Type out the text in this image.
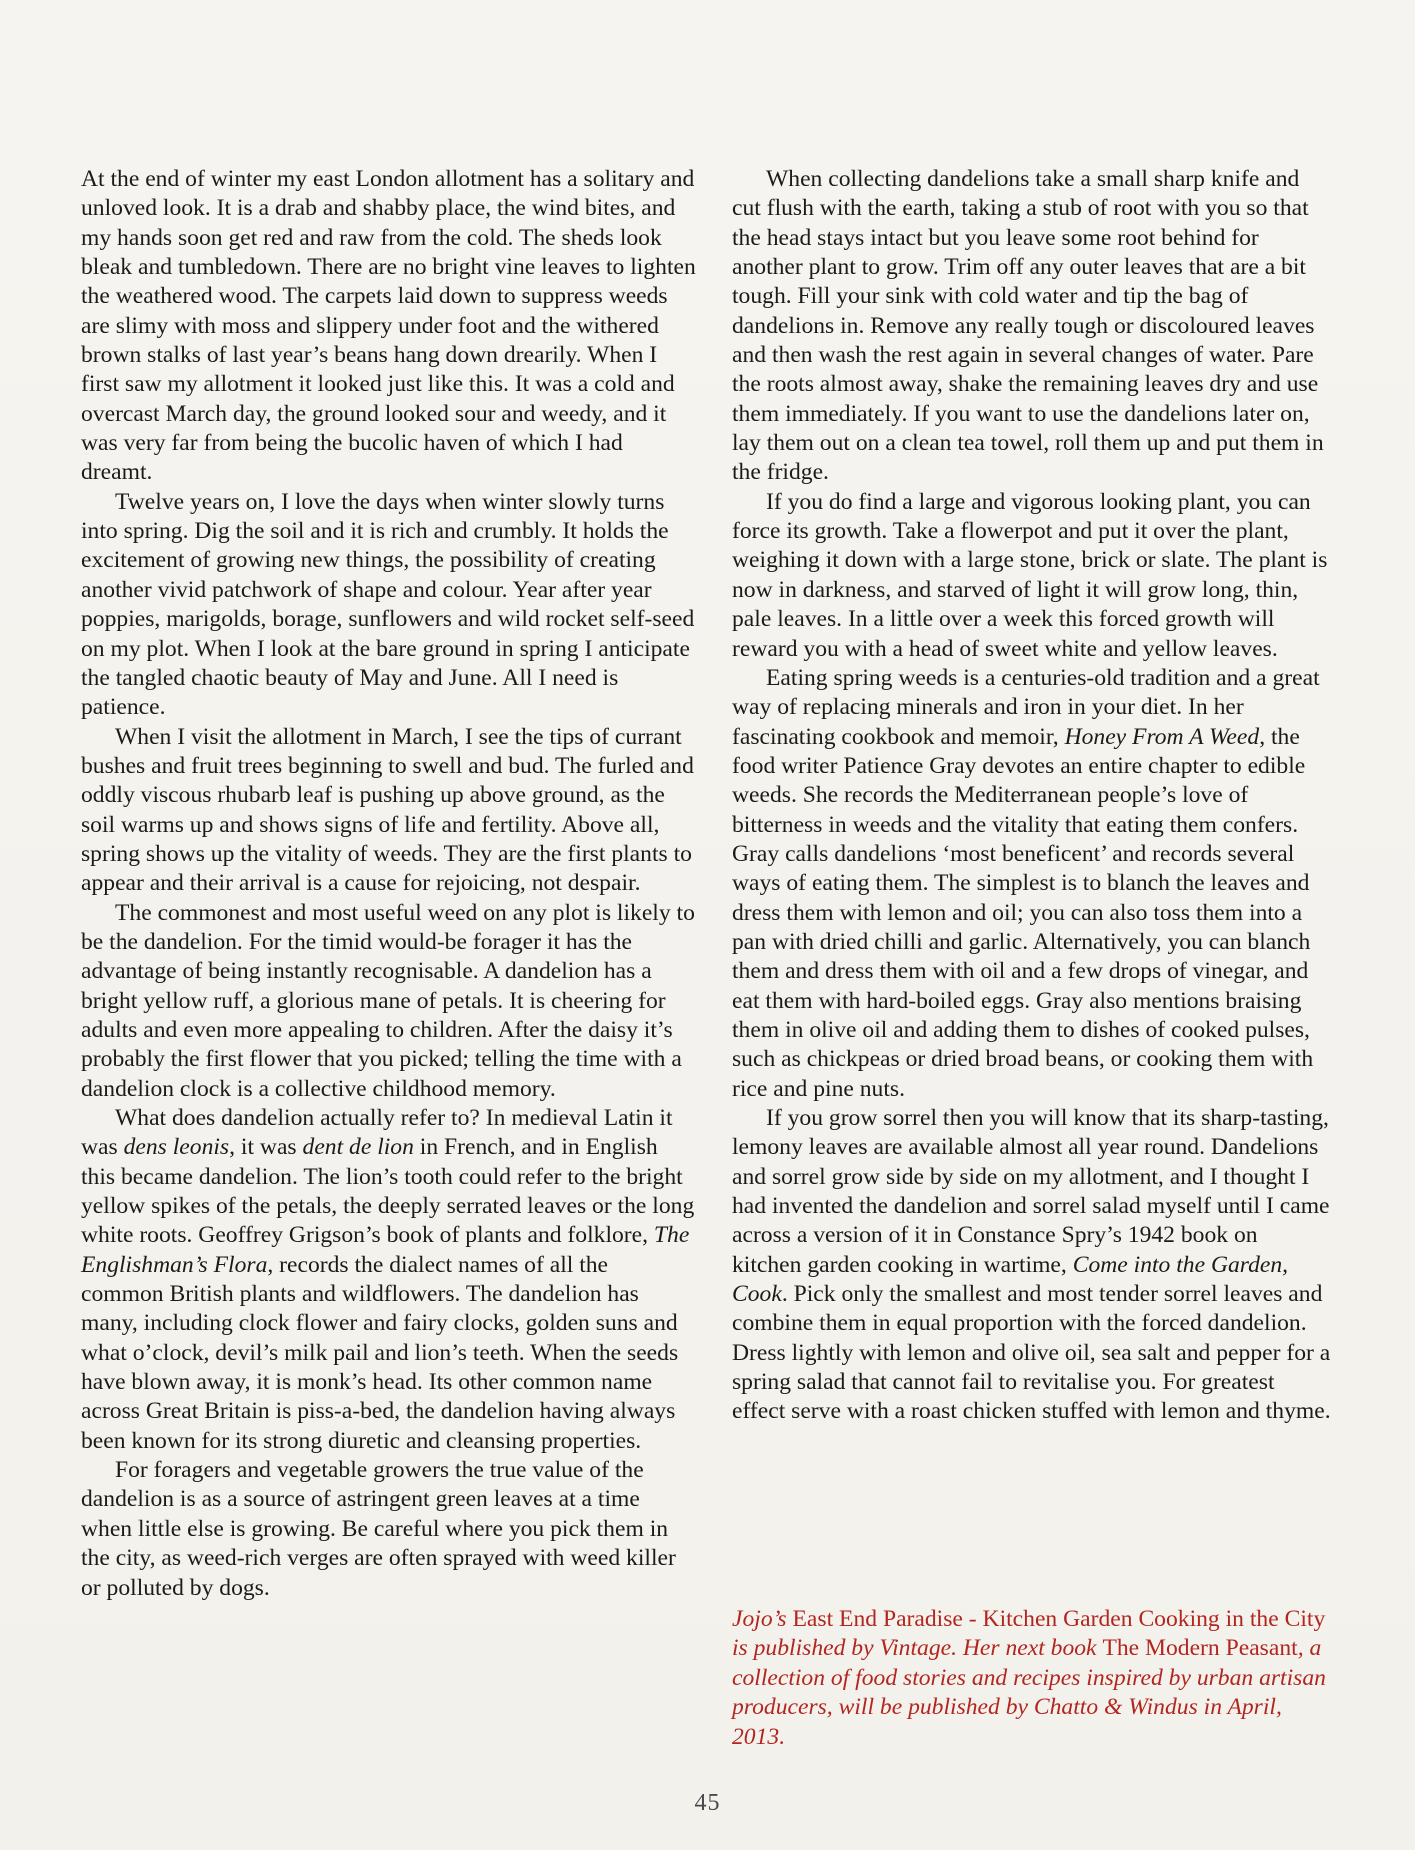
At the end of winter my east London allotment has a solitary and unloved look. It is a drab and shabby place, the wind bites, and my hands soon get red and raw from the cold. The sheds look bleak and tumbledown. There are no bright vine leaves to lighten the weathered wood. The carpets laid down to suppress weeds are slimy with moss and slippery under foot and the withered brown stalks of last year’s beans hang down drearily. When I first saw my allotment it looked just like this. It was a cold and overcast March day, the ground looked sour and weedy, and it was very far from being the bucolic haven of which I had dreamt.

Twelve years on, I love the days when winter slowly turns into spring. Dig the soil and it is rich and crumbly. It holds the excitement of growing new things, the possibility of creating another vivid patchwork of shape and colour. Year after year poppies, marigolds, borage, sunflowers and wild rocket self-seed on my plot. When I look at the bare ground in spring I anticipate the tangled chaotic beauty of May and June. All I need is patience.

When I visit the allotment in March, I see the tips of currant bushes and fruit trees beginning to swell and bud. The furled and oddly viscous rhubarb leaf is pushing up above ground, as the soil warms up and shows signs of life and fertility. Above all, spring shows up the vitality of weeds. They are the first plants to appear and their arrival is a cause for rejoicing, not despair.

The commonest and most useful weed on any plot is likely to be the dandelion. For the timid would-be forager it has the advantage of being instantly recognisable. A dandelion has a bright yellow ruff, a glorious mane of petals. It is cheering for adults and even more appealing to children. After the daisy it’s probably the first flower that you picked; telling the time with a dandelion clock is a collective childhood memory.

What does dandelion actually refer to? In medieval Latin it was dens leonis, it was dent de lion in French, and in English this became dandelion. The lion’s tooth could refer to the bright yellow spikes of the petals, the deeply serrated leaves or the long white roots. Geoffrey Grigson’s book of plants and folklore, The Englishman’s Flora, records the dialect names of all the common British plants and wildflowers. The dandelion has many, including clock flower and fairy clocks, golden suns and what o’clock, devil’s milk pail and lion’s teeth. When the seeds have blown away, it is monk’s head. Its other common name across Great Britain is piss-a-bed, the dandelion having always been known for its strong diuretic and cleansing properties.

For foragers and vegetable growers the true value of the dandelion is as a source of astringent green leaves at a time when little else is growing. Be careful where you pick them in the city, as weed-rich verges are often sprayed with weed killer or polluted by dogs.

When collecting dandelions take a small sharp knife and cut flush with the earth, taking a stub of root with you so that the head stays intact but you leave some root behind for another plant to grow. Trim off any outer leaves that are a bit tough. Fill your sink with cold water and tip the bag of dandelions in. Remove any really tough or discoloured leaves and then wash the rest again in several changes of water. Pare the roots almost away, shake the remaining leaves dry and use them immediately. If you want to use the dandelions later on, lay them out on a clean tea towel, roll them up and put them in the fridge.

If you do find a large and vigorous looking plant, you can force its growth. Take a flowerpot and put it over the plant, weighing it down with a large stone, brick or slate. The plant is now in darkness, and starved of light it will grow long, thin, pale leaves. In a little over a week this forced growth will reward you with a head of sweet white and yellow leaves.

Eating spring weeds is a centuries-old tradition and a great way of replacing minerals and iron in your diet. In her fascinating cookbook and memoir, Honey From A Weed, the food writer Patience Gray devotes an entire chapter to edible weeds. She records the Mediterranean people’s love of bitterness in weeds and the vitality that eating them confers. Gray calls dandelions ‘most beneficent’ and records several ways of eating them. The simplest is to blanch the leaves and dress them with lemon and oil; you can also toss them into a pan with dried chilli and garlic. Alternatively, you can blanch them and dress them with oil and a few drops of vinegar, and eat them with hard-boiled eggs. Gray also mentions braising them in olive oil and adding them to dishes of cooked pulses, such as chickpeas or dried broad beans, or cooking them with rice and pine nuts.

If you grow sorrel then you will know that its sharp-tasting, lemony leaves are available almost all year round. Dandelions and sorrel grow side by side on my allotment, and I thought I had invented the dandelion and sorrel salad myself until I came across a version of it in Constance Spry’s 1942 book on kitchen garden cooking in wartime, Come into the Garden, Cook. Pick only the smallest and most tender sorrel leaves and combine them in equal proportion with the forced dandelion. Dress lightly with lemon and olive oil, sea salt and pepper for a spring salad that cannot fail to revitalise you. For greatest effect serve with a roast chicken stuffed with lemon and thyme.

Jojo’s East End Paradise - Kitchen Garden Cooking in the City is published by Vintage. Her next book The Modern Peasant, a collection of food stories and recipes inspired by urban artisan producers, will be published by Chatto & Windus in April, 2013.
45
